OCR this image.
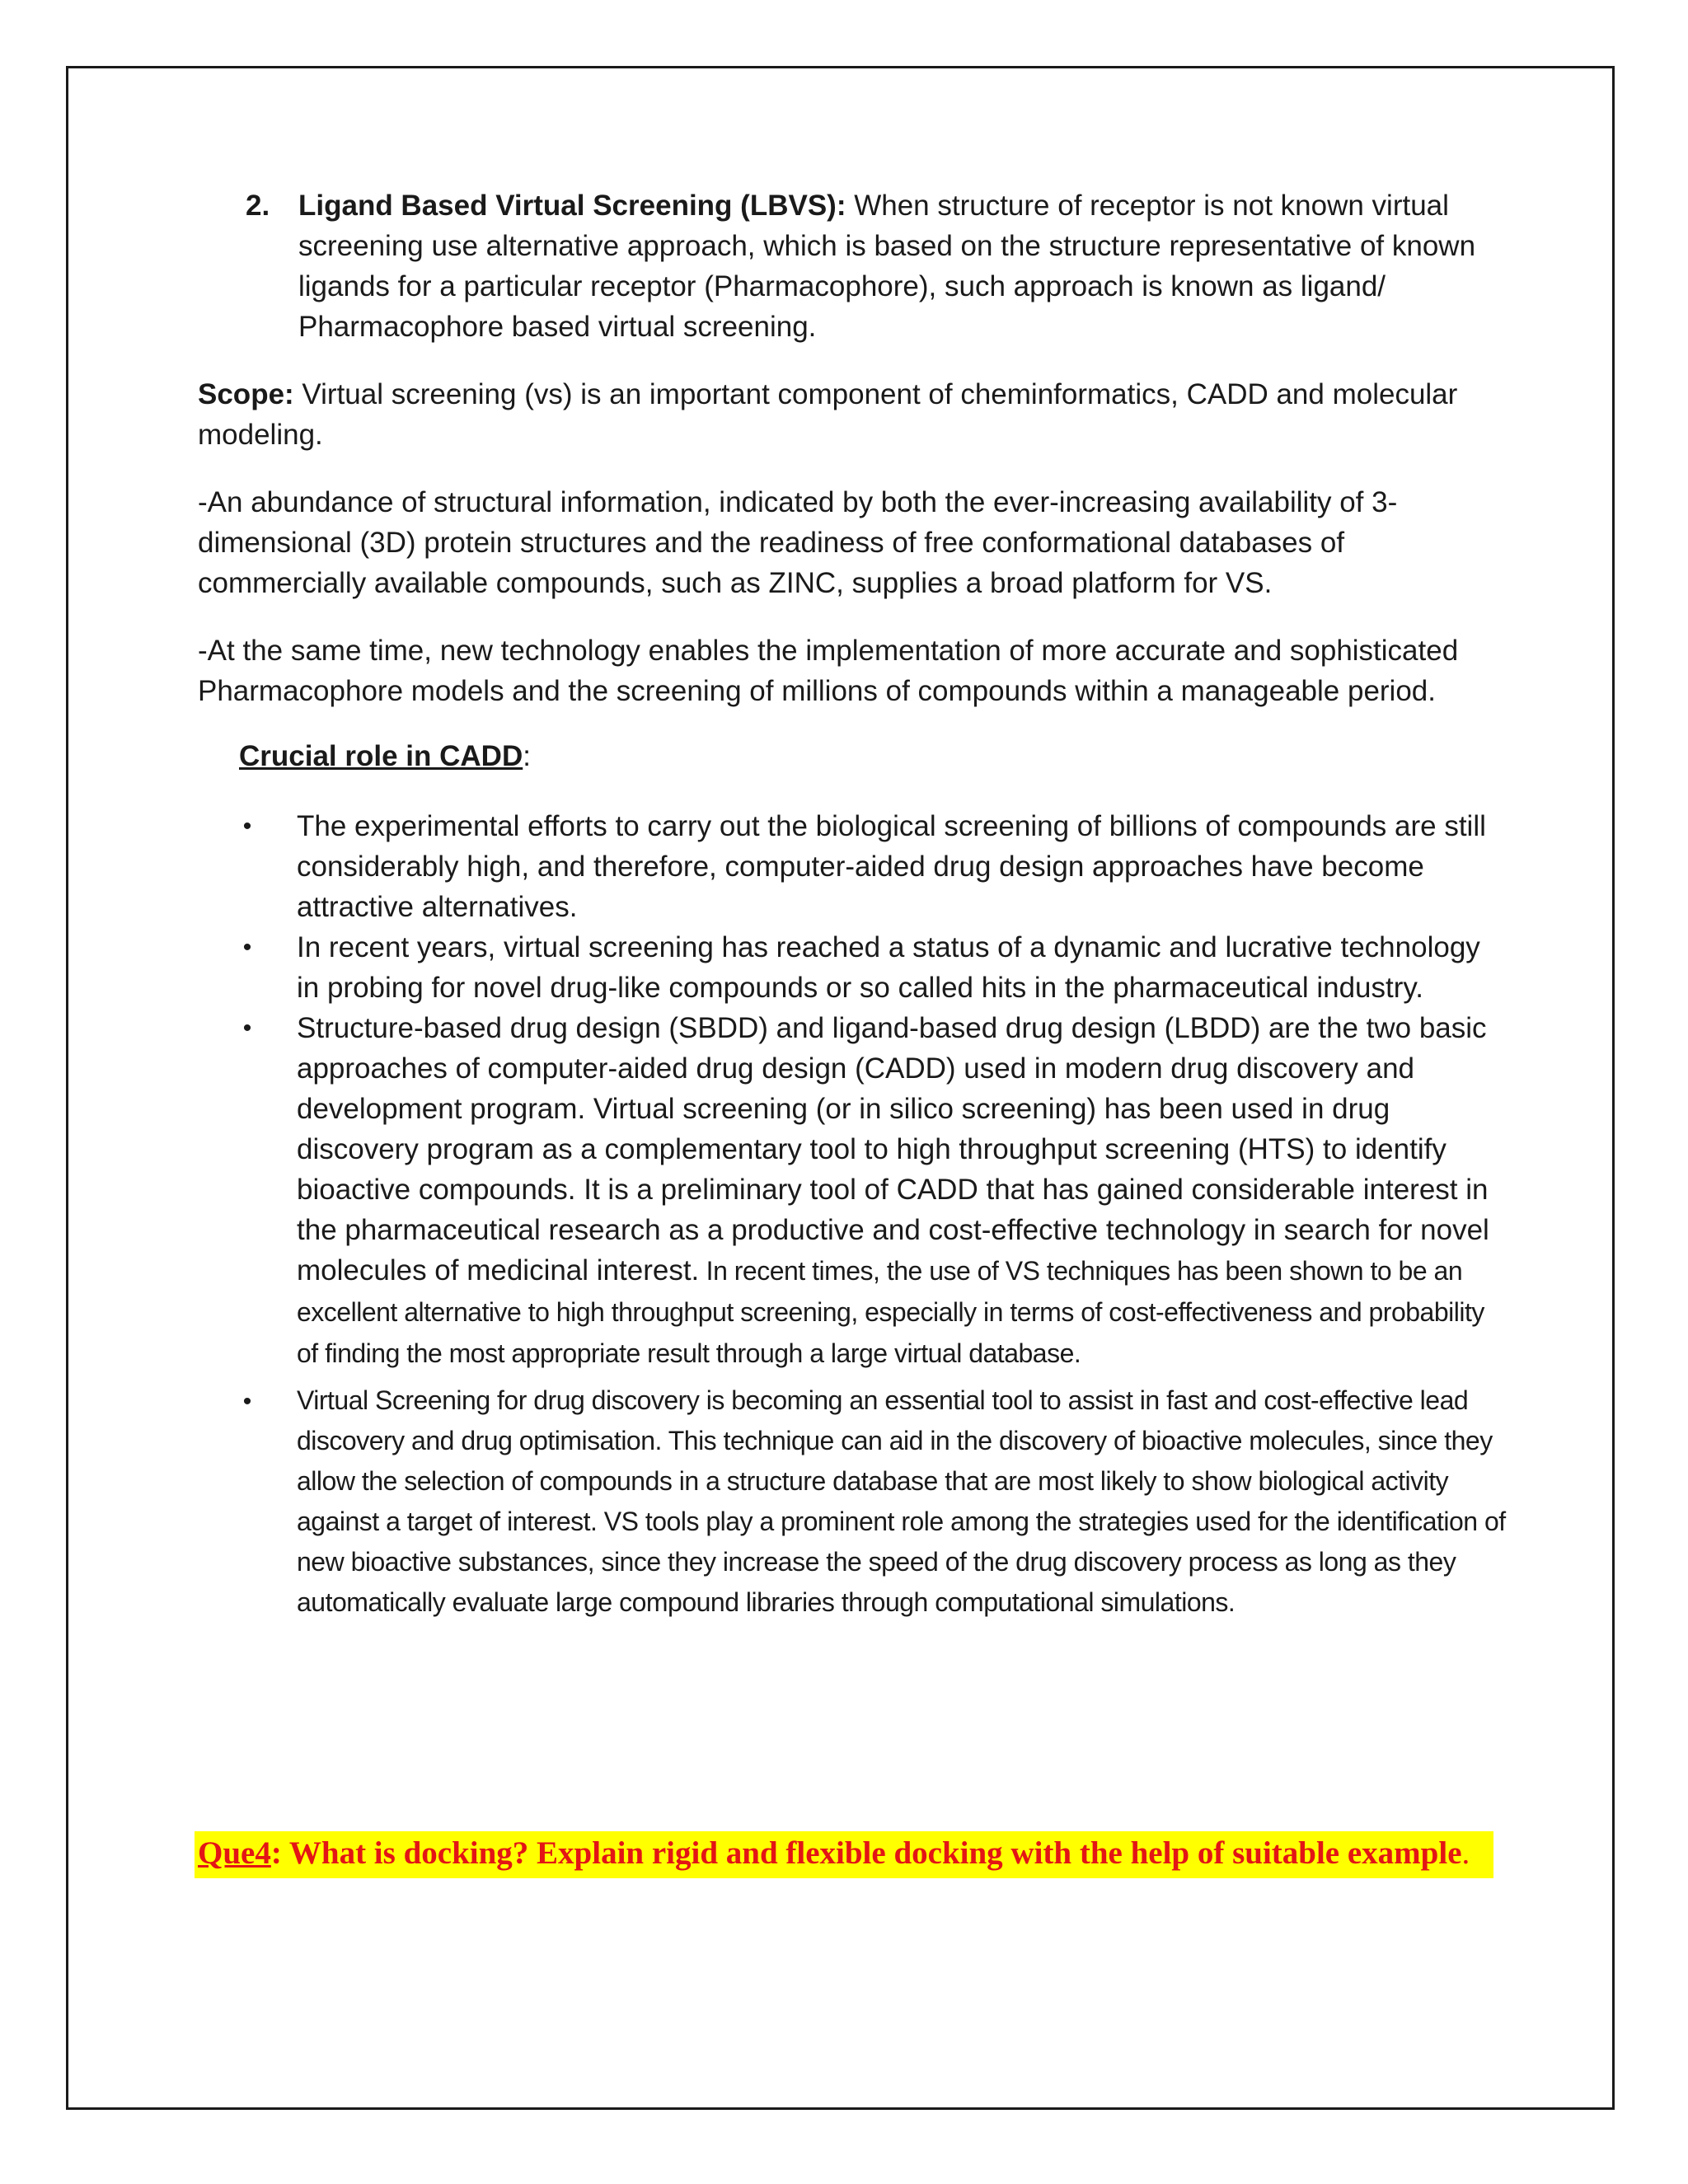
2. Ligand Based Virtual Screening (LBVS): When structure of receptor is not known virtual screening use alternative approach, which is based on the structure representative of known ligands for a particular receptor (Pharmacophore), such approach is known as ligand/ Pharmacophore based virtual screening.

Scope: Virtual screening (vs) is an important component of cheminformatics, CADD and molecular modeling.

-An abundance of structural information, indicated by both the ever-increasing availability of 3-dimensional (3D) protein structures and the readiness of free conformational databases of commercially available compounds, such as ZINC, supplies a broad platform for VS.

-At the same time, new technology enables the implementation of more accurate and sophisticated Pharmacophore models and the screening of millions of compounds within a manageable period.

Crucial role in CADD:

•	The experimental efforts to carry out the biological screening of billions of compounds are still considerably high, and therefore, computer-aided drug design approaches have become attractive alternatives.
•	In recent years, virtual screening has reached a status of a dynamic and lucrative technology in probing for novel drug-like compounds or so called hits in the pharmaceutical industry.
•	Structure-based drug design (SBDD) and ligand-based drug design (LBDD) are the two basic approaches of computer-aided drug design (CADD) used in modern drug discovery and development program. Virtual screening (or in silico screening) has been used in drug discovery program as a complementary tool to high throughput screening (HTS) to identify bioactive compounds. It is a preliminary tool of CADD that has gained considerable interest in the pharmaceutical research as a productive and cost-effective technology in search for novel molecules of medicinal interest. In recent times, the use of VS techniques has been shown to be an excellent alternative to high throughput screening, especially in terms of cost-effectiveness and probability of finding the most appropriate result through a large virtual database.
•	Virtual Screening for drug discovery is becoming an essential tool to assist in fast and cost-effective lead discovery and drug optimisation. This technique can aid in the discovery of bioactive molecules, since they allow the selection of compounds in a structure database that are most likely to show biological activity against a target of interest. VS tools play a prominent role among the strategies used for the identification of new bioactive substances, since they increase the speed of the drug discovery process as long as they automatically evaluate large compound libraries through computational simulations.
Que4: What is docking? Explain rigid and flexible docking with the help of suitable example.
